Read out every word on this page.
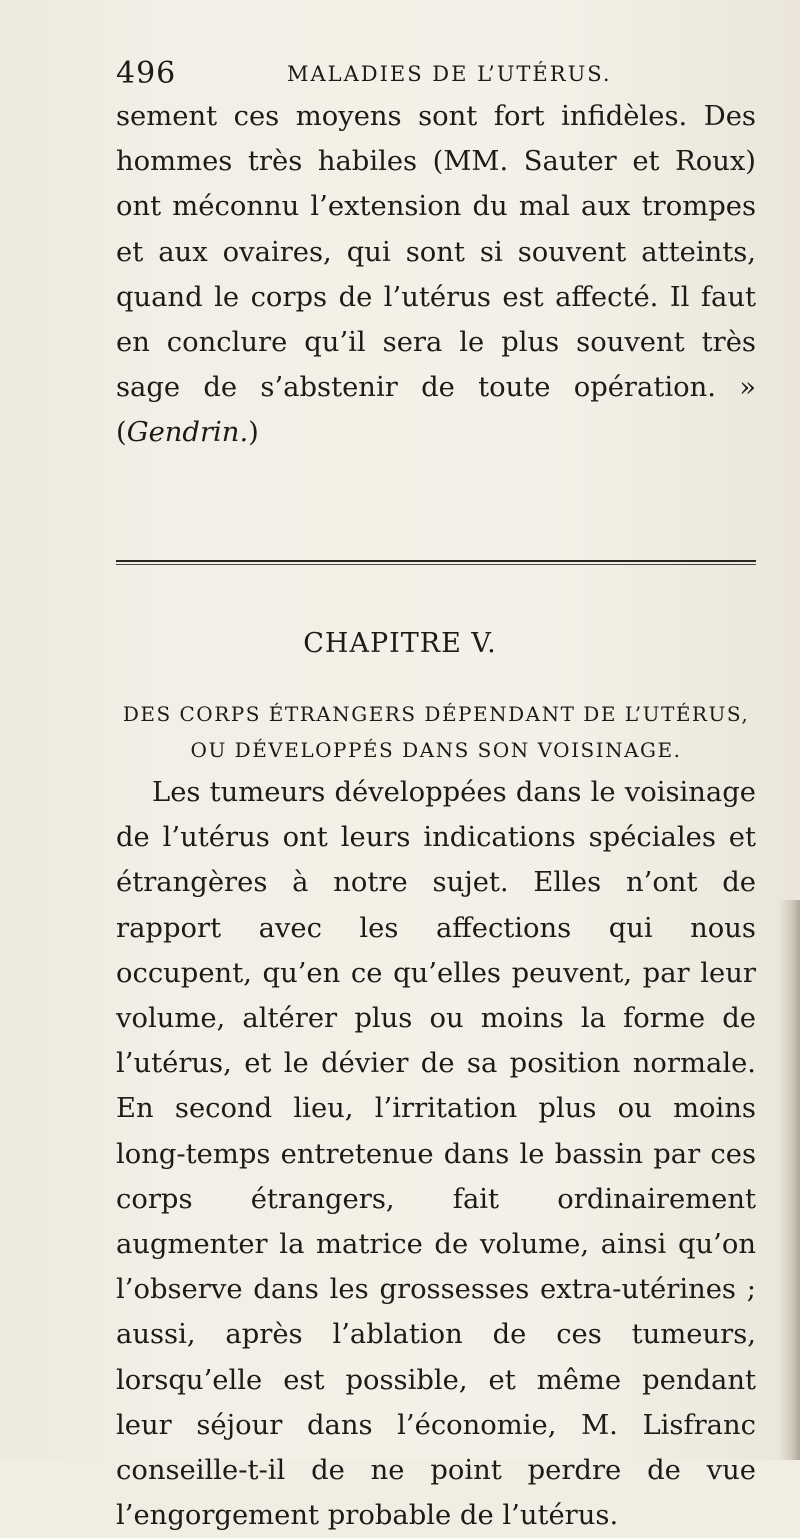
496	MALADIES DE L’UTÉRUS.

sement ces moyens sont fort infidèles. Des hommes très habiles (MM. Sauter et Roux) ont méconnu l’extension du mal aux trompes et aux ovaires, qui sont si souvent atteints, quand le corps de l’utérus est affecté. Il faut en conclure qu’il sera le plus souvent très sage de s’abstenir de toute opération. » (Gendrin.)

CHAPITRE V.
DES CORPS ÉTRANGERS DÉPENDANT DE L’UTÉRUS,
OU DÉVELOPPÉS DANS SON VOISINAGE.

Les tumeurs développées dans le voisinage de l’utérus ont leurs indications spéciales et étrangères à notre sujet. Elles n’ont de rapport avec les affections qui nous occupent, qu’en ce qu’elles peuvent, par leur volume, altérer plus ou moins la forme de l’utérus, et le dévier de sa position normale. En second lieu, l’irritation plus ou moins long-temps entretenue dans le bassin par ces corps étrangers, fait ordinairement augmenter la matrice de volume, ainsi qu’on l’observe dans les grossesses extra-utérines ; aussi, après l’ablation de ces tumeurs, lorsqu’elle est possible, et même pendant leur séjour dans l’économie, M. Lisfranc conseille-t-il de ne point perdre de vue l’engorgement probable de l’utérus.
